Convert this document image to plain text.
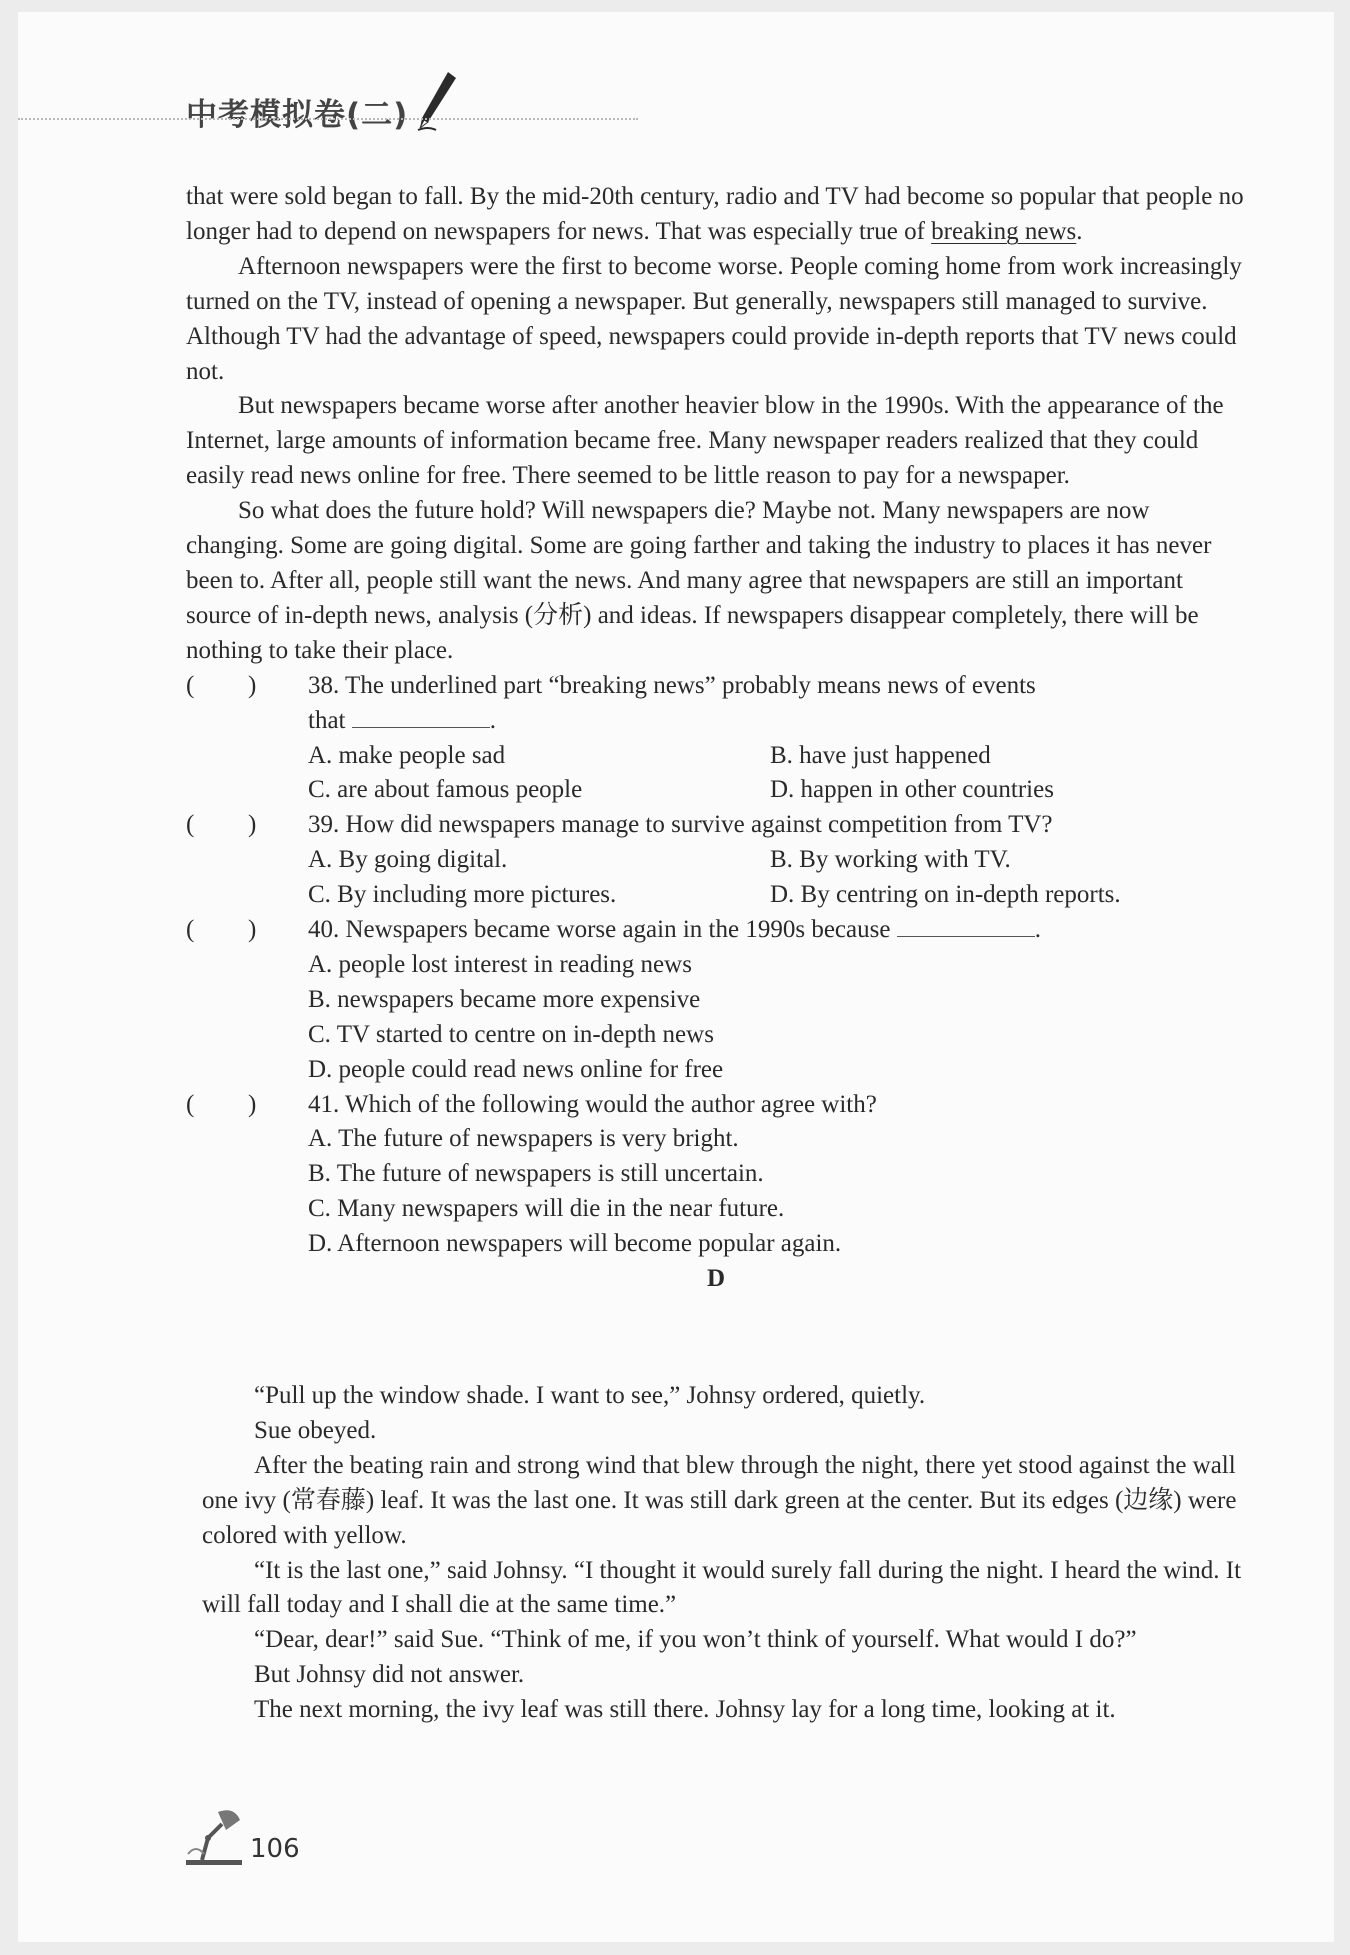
中考模拟卷(二)

that were sold began to fall. By the mid-20th century, radio and TV had become so popular that people no longer had to depend on newspapers for news. That was especially true of breaking news.

Afternoon newspapers were the first to become worse. People coming home from work increasingly turned on the TV, instead of opening a newspaper. But generally, newspapers still managed to survive. Although TV had the advantage of speed, newspapers could provide in-depth reports that TV news could not.

But newspapers became worse after another heavier blow in the 1990s. With the appearance of the Internet, large amounts of information became free. Many newspaper readers realized that they could easily read news online for free. There seemed to be little reason to pay for a newspaper.

So what does the future hold? Will newspapers die? Maybe not. Many newspapers are now changing. Some are going digital. Some are going farther and taking the industry to places it has never been to. After all, people still want the news. And many agree that newspapers are still an important source of in-depth news, analysis (分析) and ideas. If newspapers disappear completely, there will be nothing to take their place.

( ) 38. The underlined part “breaking news” probably means news of events
that	.
A. make people sad	B. have just happened
C. are about famous people	D. happen in other countries
( ) 39. How did newspapers manage to survive against competition from TV?
A. By going digital.	B. By working with TV.
C. By including more pictures.	D. By centring on in-depth reports.
( ) 40. Newspapers became worse again in the 1990s because	.
A. people lost interest in reading news
B. newspapers became more expensive
C. TV started to centre on in-depth news
D. people could read news online for free
( ) 41. Which of the following would the author agree with?
A. The future of newspapers is very bright.
B. The future of newspapers is still uncertain.
C. Many newspapers will die in the near future.
D. Afternoon newspapers will become popular again.
D

“Pull up the window shade. I want to see,” Johnsy ordered, quietly.

Sue obeyed.

After the beating rain and strong wind that blew through the night, there yet stood against the wall one ivy (常春藤) leaf. It was the last one. It was still dark green at the center. But its edges (边缘) were colored with yellow.

“It is the last one,” said Johnsy. “I thought it would surely fall during the night. I heard the wind. It will fall today and I shall die at the same time.”

“Dear, dear!” said Sue. “Think of me, if you won’t think of yourself. What would I do?”

But Johnsy did not answer.

The next morning, the ivy leaf was still there. Johnsy lay for a long time, looking at it.

106
